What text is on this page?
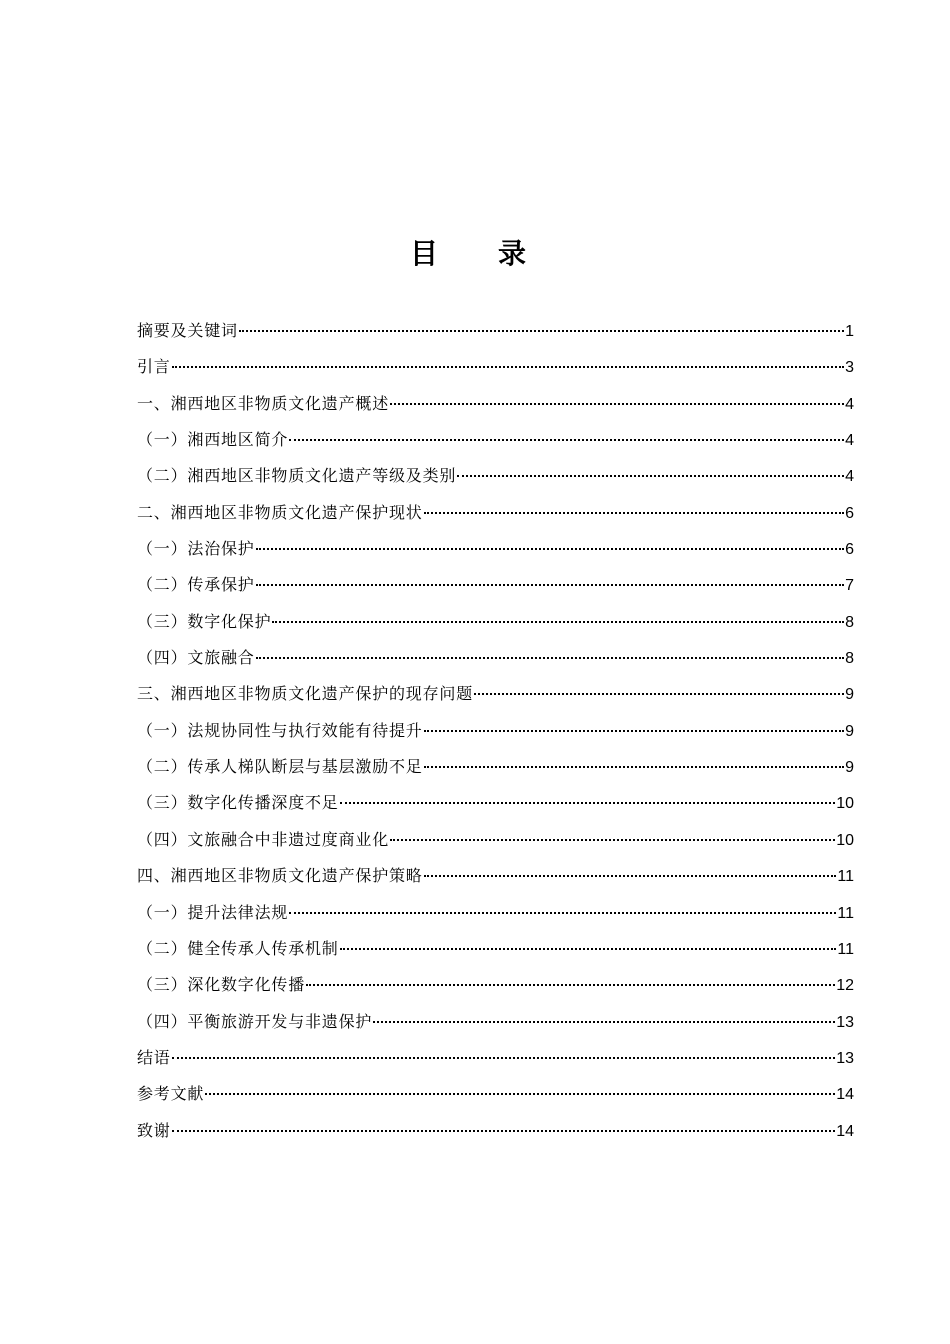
目录
摘要及关键词	1
引言	3
一、湘西地区非物质文化遗产概述	4
（一）湘西地区简介	4
（二）湘西地区非物质文化遗产等级及类别	4
二、湘西地区非物质文化遗产保护现状	6
（一）法治保护	6
（二）传承保护	7
（三）数字化保护	8
（四）文旅融合	8
三、湘西地区非物质文化遗产保护的现存问题	9
（一）法规协同性与执行效能有待提升	9
（二）传承人梯队断层与基层激励不足	9
（三）数字化传播深度不足	10
（四）文旅融合中非遗过度商业化	10
四、湘西地区非物质文化遗产保护策略	11
（一）提升法律法规	11
（二）健全传承人传承机制	11
（三）深化数字化传播	12
（四）平衡旅游开发与非遗保护	13
结语	13
参考文献	14
致谢	14
